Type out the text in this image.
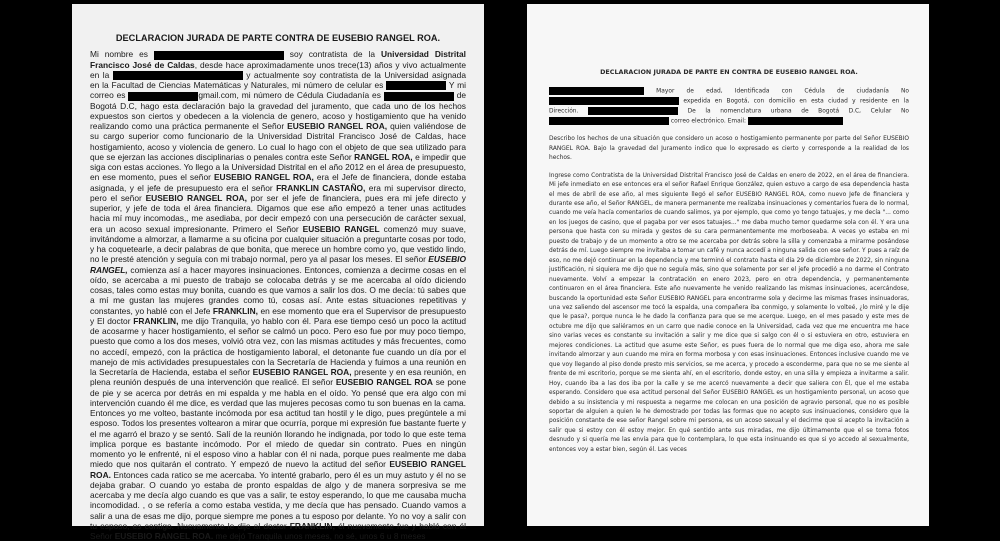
DECLARACION JURADA DE PARTE CONTRA DE EUSEBIO RANGEL ROA.

Mi nombre es	soy contratista de la Universidad Distrital Francisco José de Caldas, desde hace aproximadamente unos trece(13) años y vivo actualmente en la	y actualmente soy contratista de la Universidad asignada en la Facultad de Ciencias Matemáticas y Naturales, mi número de celular es	Y mi correo es	gmail.com, mi número de Cédula Ciudadanía es	de Bogotá D.C, hago esta declaración bajo la gravedad del juramento, que cada uno de los hechos expuestos son ciertos y obedecen a la violencia de genero, acoso y hostigamiento que ha venido realizando como una práctica permanente el Señor EUSEBIO RANGEL ROA, quien valiéndose de su cargo superior como funcionario de la Universidad Distrital Francisco José de Caldas, hace hostigamiento, acoso y violencia de genero. Lo cual lo hago con el objeto de que sea utilizado para que se ejerzan las acciones disciplinarias o penales contra este Señor RANGEL ROA, e impedir que siga con estas acciones. Yo llego a la Universidad Distrital en el año 2012 en el área de presupuesto, en ese momento, pues el señor EUSEBIO RANGEL ROA, era el Jefe de financiera, donde estaba asignada, y el jefe de presupuesto era el señor FRANKLIN CASTAÑO, era mi supervisor directo, pero el señor EUSEBIO RANGEL ROA, por ser el jefe de financiera, pues era mi jefe directo y superior, y jefe de toda el área financiera. Digamos que ese año empezó a tener unas actitudes hacia mí muy incomodas,, me asediaba, por decir empezó con una persecución de carácter sexual, era un acoso sexual impresionante. Primero el Señor EUSEBIO RANGEL comenzó muy suave, invitándome a almorzar, a llamarme a su oficina por cualquier situación a preguntarte cosas por todo, y ha coquetearle, a decir palabras de que bonita, que merece un hombre como yo, que vestido lindo, no le presté atención y seguía con mi trabajo normal, pero ya al pasar los meses. El señor EUSEBIO RANGEL, comienza así a hacer mayores insinuaciones. Entonces, comienza a decirme cosas en el oído, se acercaba a mi puesto de trabajo se colocaba detrás y se me acercaba al oído diciendo cosas, tales como estas muy bonita, cuando es que vamos a salir los dos. O me decía: tú sabes que a mí me gustan las mujeres grandes como tú, cosas así. Ante estas situaciones repetitivas y constantes, yo hablé con el Jefe FRANKLIN, en ese momento que era el Supervisor de presupuesto y El doctor FRANKLIN, me dijo Tranquila, yo hablo con él. Para ese tiempo cesó un poco la actitud de acosarme y hacer hostigamiento, el señor se calmó un poco. Pero eso fue por muy poco tiempo, puesto que como a los dos meses, volvió otra vez, con las mismas actitudes y más frecuentes, como no accedí, empezó, con la práctica de hostigamiento laboral, el detonante fue cuando un día por el manejo de mis actividades presupuestales con la Secretaría de Hacienda y fuimos a una reunión en la Secretaría de Hacienda, estaba el señor EUSEBIO RANGEL ROA, presente y en esa reunión, en plena reunión después de una intervención que realicé. El señor EUSEBIO RANGEL ROA se pone de pie y se acerca por detrás en mi espalda y me habla en el oído. Yo pensé que era algo con mi intervención cuando él me dice, es verdad que las mujeres pecosas como tu son buenas en la cama. Entonces yo me volteo, bastante incómoda por esa actitud tan hostil y le digo, pues pregúntele a mi esposo. Todos los presentes voltearon a mirar que ocurría, porque mi expresión fue bastante fuerte y el me agarró el brazo y se sentó. Salí de la reunión llorando he indignada, por todo lo que este tema implica porque es bastante incómodo. Por el miedo de quedar sin contrato. Pues en ningún momento yo le enfrenté, ni el esposo vino a hablar con él ni nada, porque pues realmente me daba miedo que nos quitarán el contrato. Y empezó de nuevo la actitud del señor EUSEBIO RANGEL ROA. Entonces cada ratico se me acercaba. Yo intenté grabarlo, pero él es un muy astuto y él no se dejaba grabar. O cuando yo estaba de pronto espaldas de algo y de manera sorpresiva se me acercaba y me decía algo cuando es que vas a salir, te estoy esperando, lo que me causaba mucha incomodidad. , o se refería a como estaba vestida, y me decía que has pensado. Cuando vamos a salir a una de esas me dijo, porque siempre me pones a tu esposo por delante. Yo no voy a salir con tu esposo, es contigo. Nuevamente le dije al doctor FRANKLIN, él nuevamente fue y habló con él Señor EUSEBIO RANGEL ROA. me dejó Tranquila unos meses, no sé, unos 6 u 8 meses

DECLARACION JURADA DE PARTE EN CONTRA DE EUSEBIO RANGEL ROA.

Mayor de edad, Identificada con Cédula de ciudadanía No  expedida en Bogotá, con domicilio en esta ciudad y residente en la Dirección.	De la nomenclatura urbana de Bogotá D.C, Celular No  correo electrónico. Email:

Describo los hechos de una situación que considero un acoso o hostigamiento permanente por parte del Señor EUSEBIO RANGEL ROA. Bajo la gravedad del Juramento indico que lo expresado es cierto y corresponde a la realidad de los hechos.

Ingrese como Contratista de la Universidad Distrital Francisco José de Caldas en enero de 2022, en el área de financiera. Mi jefe inmediato en ese entonces era el señor Rafael Enrique González, quien estuvo a cargo de esa dependencia hasta el mes de abril de ese año, al mes siguiente llegó el señor EUSEBIO RANGEL ROA, como nuevo Jefe de financiera y durante ese año, el Señor RANGEL, de manera permanente me realizaba insinuaciones y comentarios fuera de lo normal, cuando me veía hacía comentarios de cuando salimos, ya por ejemplo, que como yo tengo tatuajes, y me decía "... como en los juegos de casino, que el pagaba por ver esos tatuajes..." me daba mucho temor quedarme sola con él. Y era una persona que hasta con su mirada y gestos de su cara permanentemente me morboseaba. A veces yo estaba en mi puesto de trabajo y de un momento a otro se me acercaba por detrás sobre la silla y comenzaba a mirarme posándose detrás de mí. Luego siempre me invitaba a tomar un café y nunca accedí a ninguna salida con ese señor. Y pues a raíz de eso, no me dejó continuar en la dependencia y me terminó el contrato hasta el día 29 de diciembre de 2022, sin ninguna justificación, ni siquiera me dijo que no seguía más, sino que solamente por ser el jefe procedió a no darme el Contrato nuevamente. Volví a empezar la contratación en enero 2023, pero en otra dependencia, y permanentemente continuaron en el área financiera. Este año nuevamente he venido realizando las mismas insinuaciones, acercándose, buscando la oportunidad este Señor EUSEBIO RANGEL para encontrarme sola y decirme las mismas frases insinuadoras, una vez saliendo del ascensor me tocó la espalda, una compañera iba conmigo, y solamente lo volteé, ¿lo miré y le dije que le pasa?, porque nunca le he dado la confianza para que se me acerque. Luego, en el mes pasado y este mes de octubre me dijo que saliéramos en un carro que nadie conoce en la Universidad, cada vez que me encuentra me hace sino varias veces es constante su invitación a salir y me dice que si salgo con él o si estuviera en otro, estuviera en mejores condiciones. La actitud que asume este Señor, es pues fuera de lo normal que me diga eso, ahora me sale invitando almorzar y aun cuando me mira en forma morbosa y con esas insinuaciones. Entonces inclusive cuando me ve que voy llegando al piso donde presto mis servicios, se me acerca, y procedo a esconderme, para que no se me siente al frente de mi escritorio, porque se me sienta ahí, en el escritorio, donde estoy, en una silla y empieza a invitarme a salir. Hoy, cuando iba a las dos iba por la calle y se me acercó nuevamente a decir que saliera con Él, que el me estaba esperando. Considero que esa actitud personal del Señor EUSEBIO RANGEL es un hostigamiento personal, un acoso que debido a su insistencia y mi respuesta a negarme me colocan en una posición de agravio personal, que no es posible soportar de alguien a quien le he demostrado por todas las formas que no acepto sus insinuaciones, considero que la posición constante de ese señor Rangel sobre mi persona, es un acoso sexual y el decirme que si acepto la invitación a salir que si estoy con él estoy mejor. En qué sentido ante sus miradas, me dijo últimamente que el se toma fotos desnudo y si quería me las envía para que lo contemplara, lo que esta insinuando es que si yo accedo al sexualmente, entonces voy a estar bien, según él. Las veces
